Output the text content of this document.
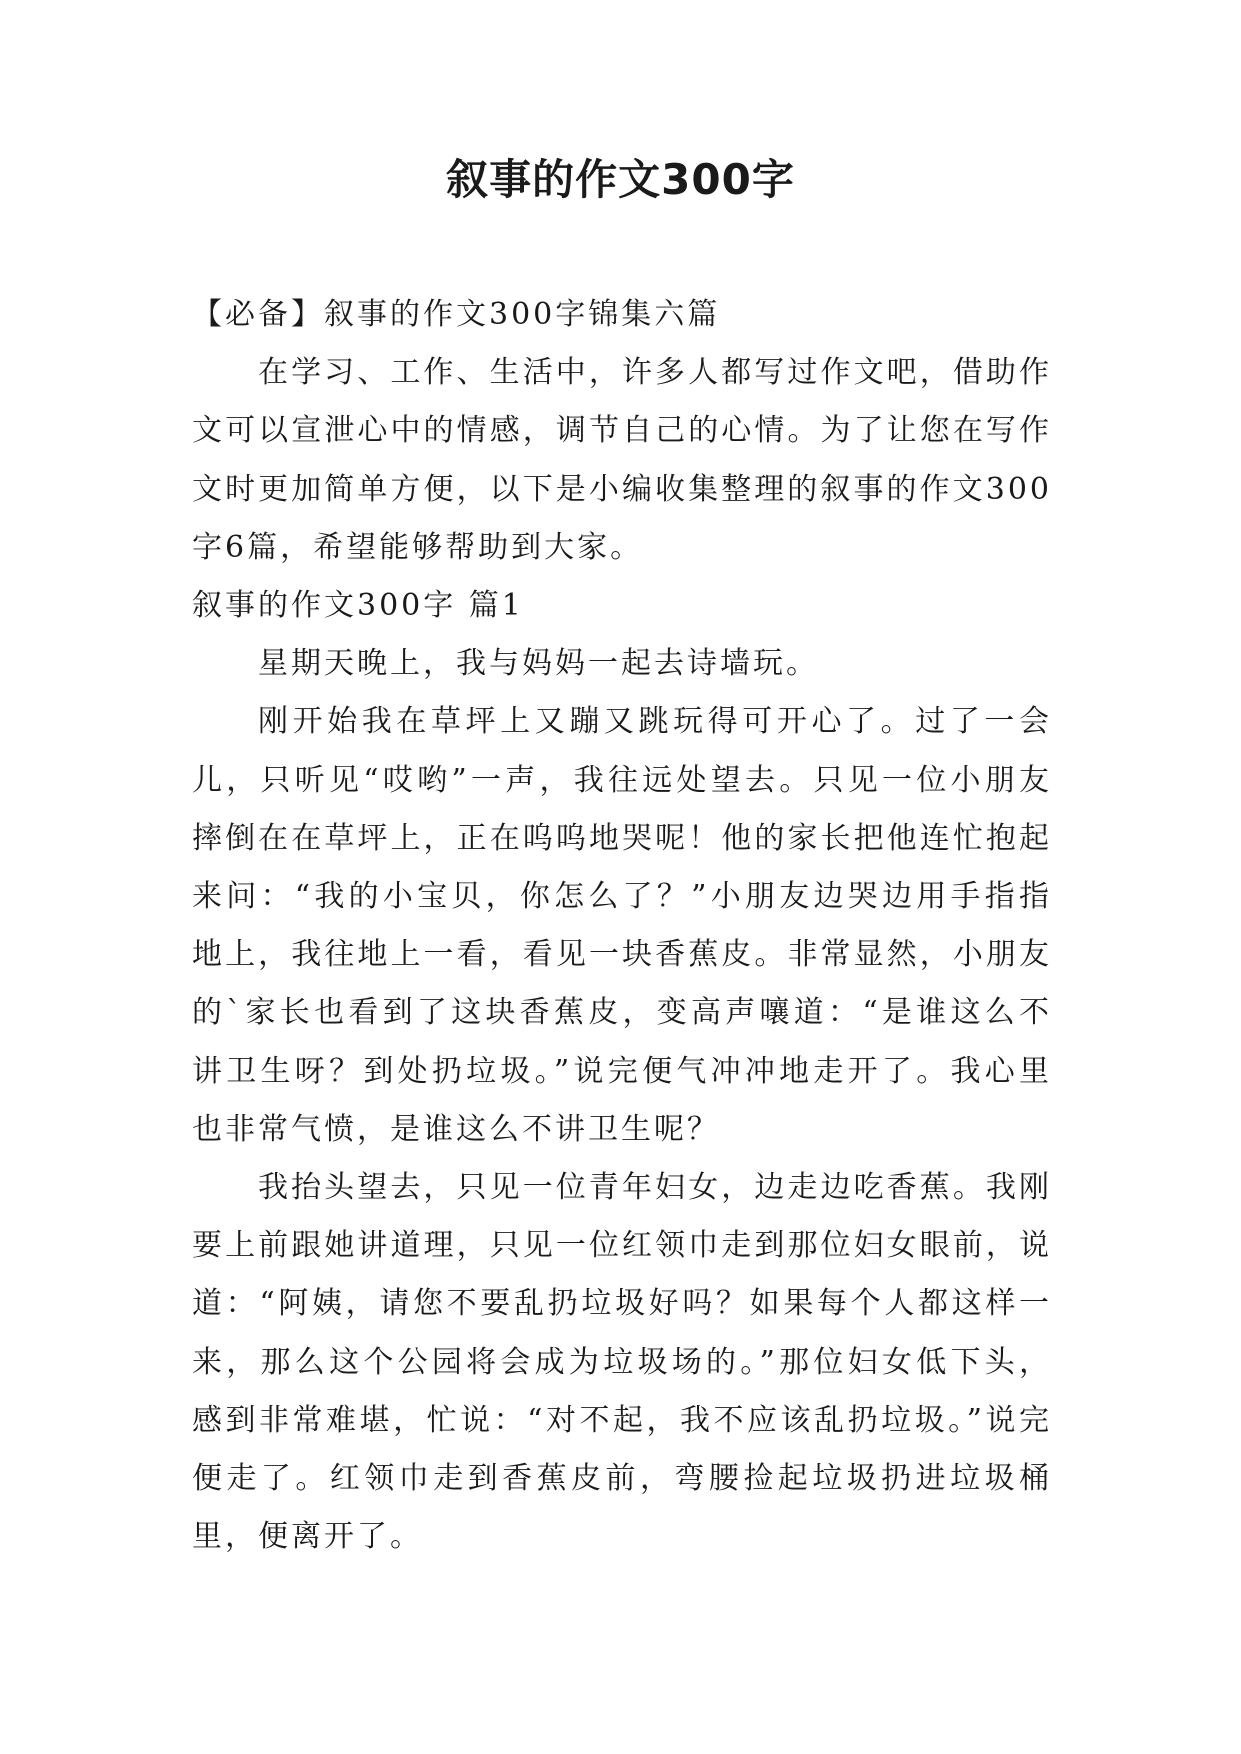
叙事的作文300字

【必备】叙事的作文300字锦集六篇

在学习、工作、生活中，许多人都写过作文吧，借助作文可以宣泄心中的情感，调节自己的心情。为了让您在写作文时更加简单方便，以下是小编收集整理的叙事的作文300字6篇，希望能够帮助到大家。

叙事的作文300字 篇1

星期天晚上，我与妈妈一起去诗墙玩。

刚开始我在草坪上又蹦又跳玩得可开心了。过了一会儿，只听见“哎哟”一声，我往远处望去。只见一位小朋友摔倒在在草坪上，正在呜呜地哭呢！他的家长把他连忙抱起来问：“我的小宝贝，你怎么了？”小朋友边哭边用手指指地上，我往地上一看，看见一块香蕉皮。非常显然，小朋友的`家长也看到了这块香蕉皮，变高声嚷道：“是谁这么不讲卫生呀？到处扔垃圾。”说完便气冲冲地走开了。我心里也非常气愤，是谁这么不讲卫生呢？

我抬头望去，只见一位青年妇女，边走边吃香蕉。我刚要上前跟她讲道理，只见一位红领巾走到那位妇女眼前，说道：“阿姨，请您不要乱扔垃圾好吗？如果每个人都这样一来，那么这个公园将会成为垃圾场的。”那位妇女低下头，感到非常难堪，忙说：“对不起，我不应该乱扔垃圾。”说完便走了。红领巾走到香蕉皮前，弯腰捡起垃圾扔进垃圾桶里，便离开了。
